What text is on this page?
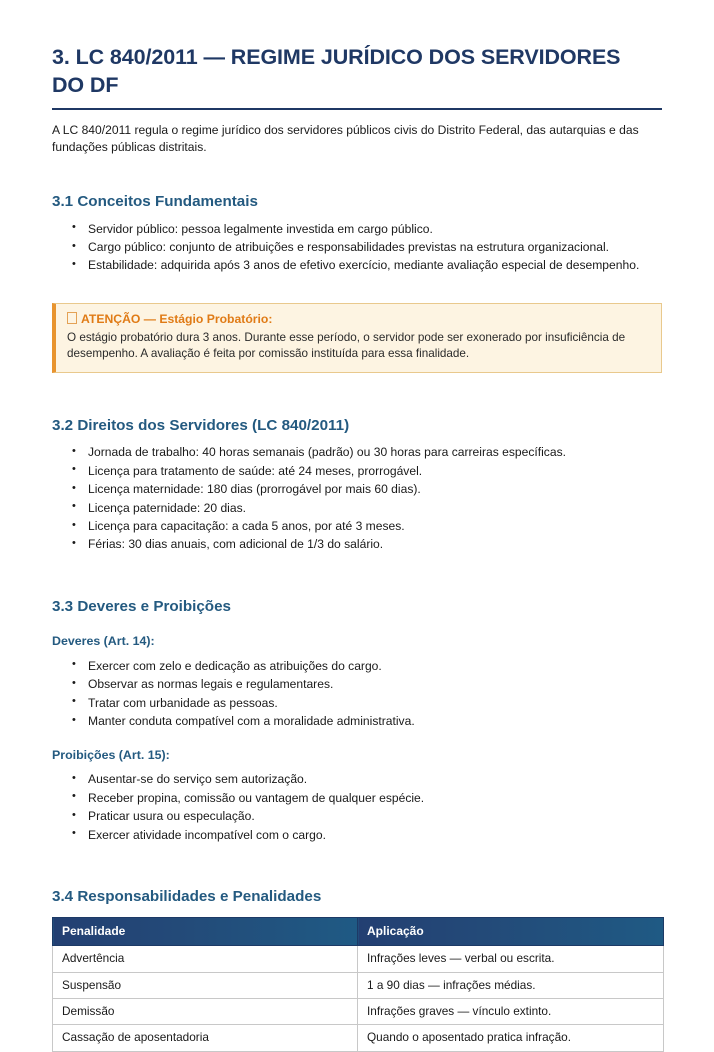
3. LC 840/2011 — REGIME JURÍDICO DOS SERVIDORES DO DF

A LC 840/2011 regula o regime jurídico dos servidores públicos civis do Distrito Federal, das autarquias e das fundações públicas distritais.

3.1 Conceitos Fundamentais
• Servidor público: pessoa legalmente investida em cargo público.
• Cargo público: conjunto de atribuições e responsabilidades previstas na estrutura organizacional.
• Estabilidade: adquirida após 3 anos de efetivo exercício, mediante avaliação especial de desempenho.
ATENÇÃO — Estágio Probatório:

O estágio probatório dura 3 anos. Durante esse período, o servidor pode ser exonerado por insuficiência de desempenho. A avaliação é feita por comissão instituída para essa finalidade.

3.2 Direitos dos Servidores (LC 840/2011)
• Jornada de trabalho: 40 horas semanais (padrão) ou 30 horas para carreiras específicas.
• Licença para tratamento de saúde: até 24 meses, prorrogável.
• Licença maternidade: 180 dias (prorrogável por mais 60 dias).
• Licença paternidade: 20 dias.
• Licença para capacitação: a cada 5 anos, por até 3 meses.
• Férias: 30 dias anuais, com adicional de 1/3 do salário.
3.3 Deveres e Proibições
Deveres (Art. 14):
• Exercer com zelo e dedicação as atribuições do cargo.
• Observar as normas legais e regulamentares.
• Tratar com urbanidade as pessoas.
• Manter conduta compatível com a moralidade administrativa.
Proibições (Art. 15):
• Ausentar-se do serviço sem autorização.
• Receber propina, comissão ou vantagem de qualquer espécie.
• Praticar usura ou especulação.
• Exercer atividade incompatível com o cargo.
3.4 Responsabilidades e Penalidades
Penalidade	Aplicação
Advertência	Infrações leves — verbal ou escrita.
Suspensão	1 a 90 dias — infrações médias.
Demissão	Infrações graves — vínculo extinto.
Cassação de aposentadoria	Quando o aposentado pratica infração.
